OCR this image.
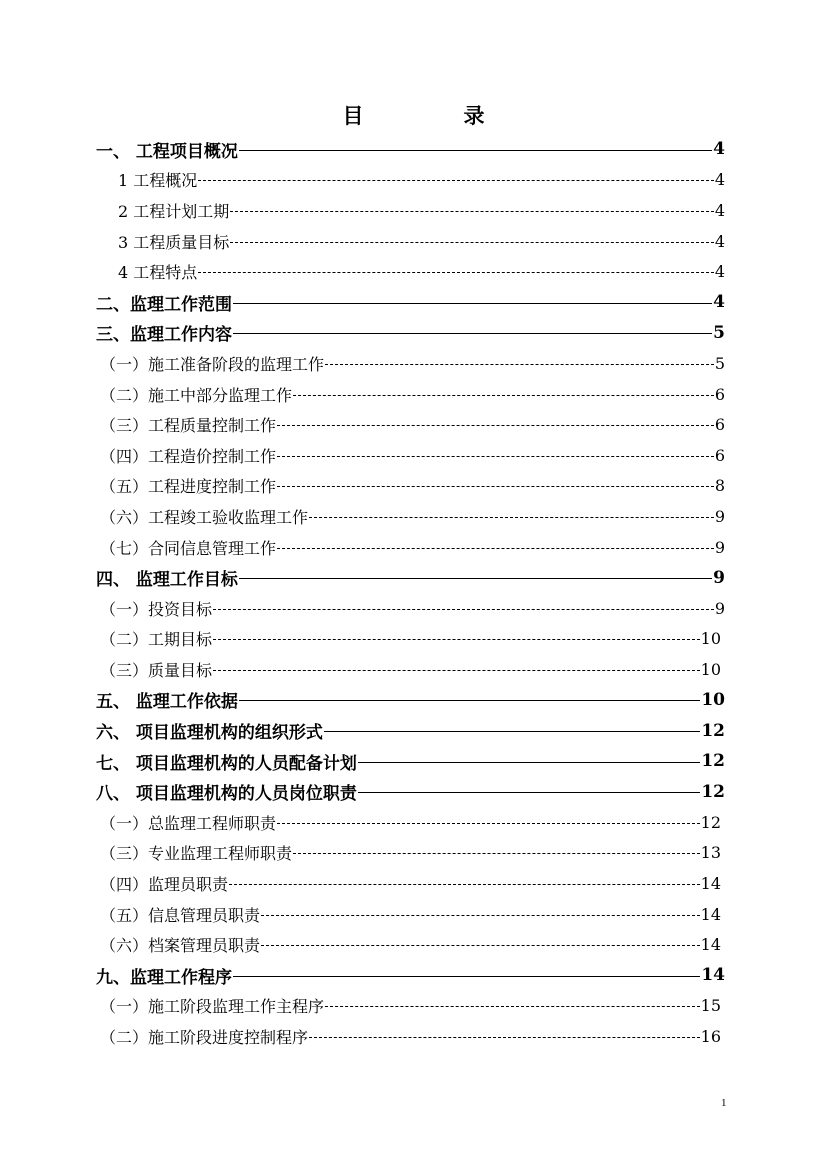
目	录
一、 工程项目概况	4
1 工程概况	4
2 工程计划工期	4
3 工程质量目标	4
4 工程特点	4
二、监理工作范围	4
三、监理工作内容	5
（一）施工准备阶段的监理工作	5
（二）施工中部分监理工作	6
（三）工程质量控制工作	6
（四）工程造价控制工作	6
（五）工程进度控制工作	8
（六）工程竣工验收监理工作	9
（七）合同信息管理工作	9
四、 监理工作目标	9
（一）投资目标	9
（二）工期目标	10
（三）质量目标	10
五、 监理工作依据	10
六、 项目监理机构的组织形式	12
七、 项目监理机构的人员配备计划	12
八、 项目监理机构的人员岗位职责	12
（一）总监理工程师职责	12
（三）专业监理工程师职责	13
（四）监理员职责	14
（五）信息管理员职责	14
（六）档案管理员职责	14
九、监理工作程序	14
（一）施工阶段监理工作主程序	15
（二）施工阶段进度控制程序	16
1
